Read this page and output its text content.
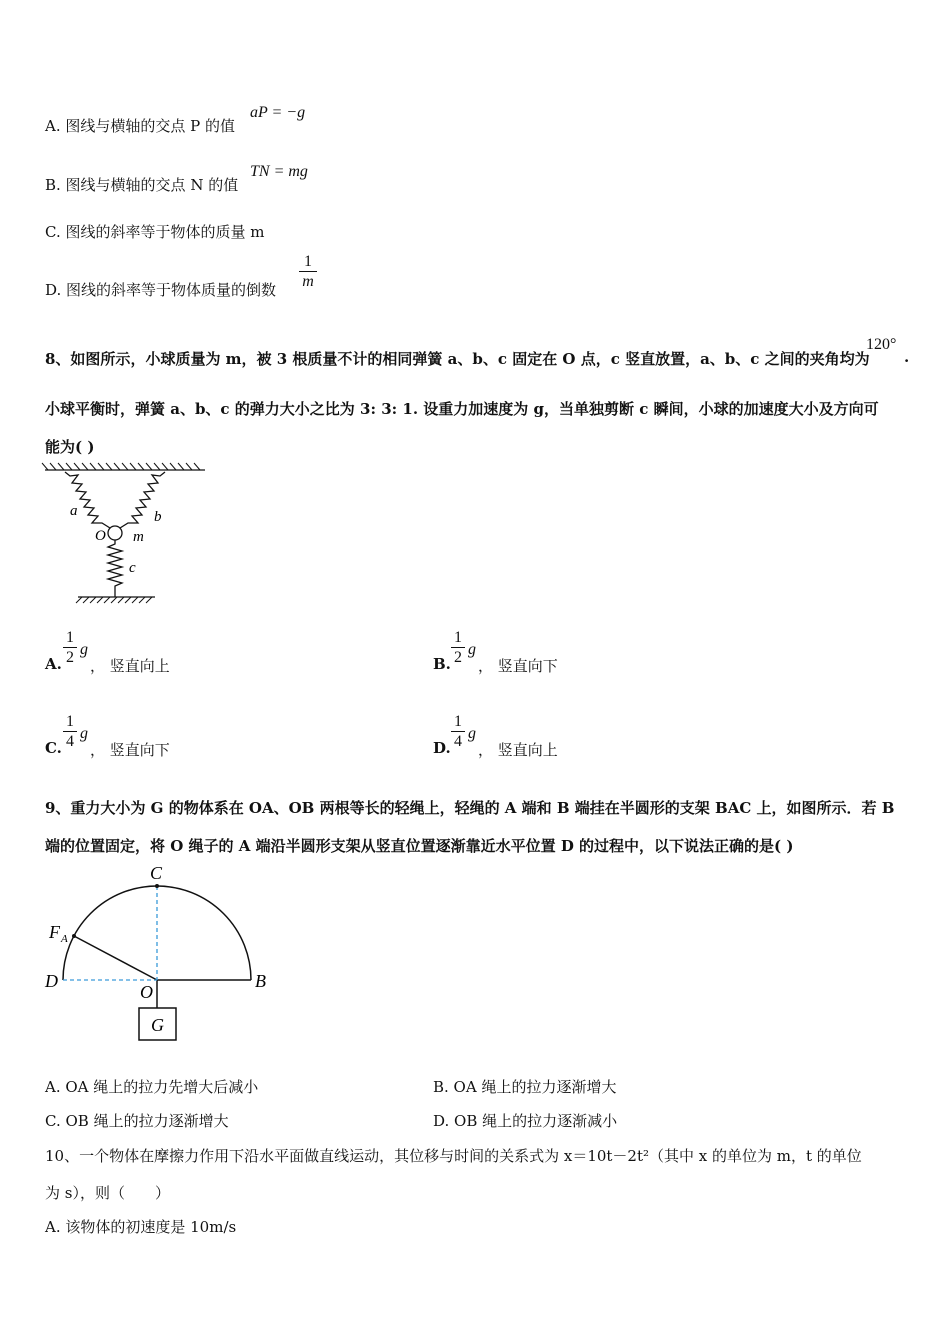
A. 图线与横轴的交点 P 的值
aP = −g
B. 图线与横轴的交点 N 的值
TN = mg
C. 图线的斜率等于物体的质量 m
D. 图线的斜率等于物体质量的倒数
1
m
8、如图所示，小球质量为 m，被 3 根质量不计的相同弹簧 a、b、c 固定在 O 点，c 竖直放置，a、b、c 之间的夹角均为
120°
.
小球平衡时，弹簧 a、b、c 的弹力大小之比为 3: 3: 1. 设重力加速度为 g，当单独剪断 c 瞬间，小球的加速度大小及方向可
能为( )
a	b
O m
c
A.
1
2 g
， 竖直向上	B.
1
2 g
， 竖直向下
C.
1
4 g
， 竖直向下	D.
1
4 g
， 竖直向上
9、重力大小为 G 的物体系在 OA、OB 两根等长的轻绳上，轻绳的 A 端和 B 端挂在半圆形的支架 BAC 上，如图所示．若 B
端的位置固定，将 O 绳子的 A 端沿半圆形支架从竖直位置逐渐靠近水平位置 D 的过程中，以下说法正确的是( )
C
F A
D
O
B
G
A. OA 绳上的拉力先增大后减小	B. OA 绳上的拉力逐渐增大
C. OB 绳上的拉力逐渐增大	D. OB 绳上的拉力逐渐减小
10、一个物体在摩擦力作用下沿水平面做直线运动，其位移与时间的关系式为 x＝10t－2t²（其中 x 的单位为 m，t 的单位
为 s），则（　　）
A. 该物体的初速度是 10m/s
